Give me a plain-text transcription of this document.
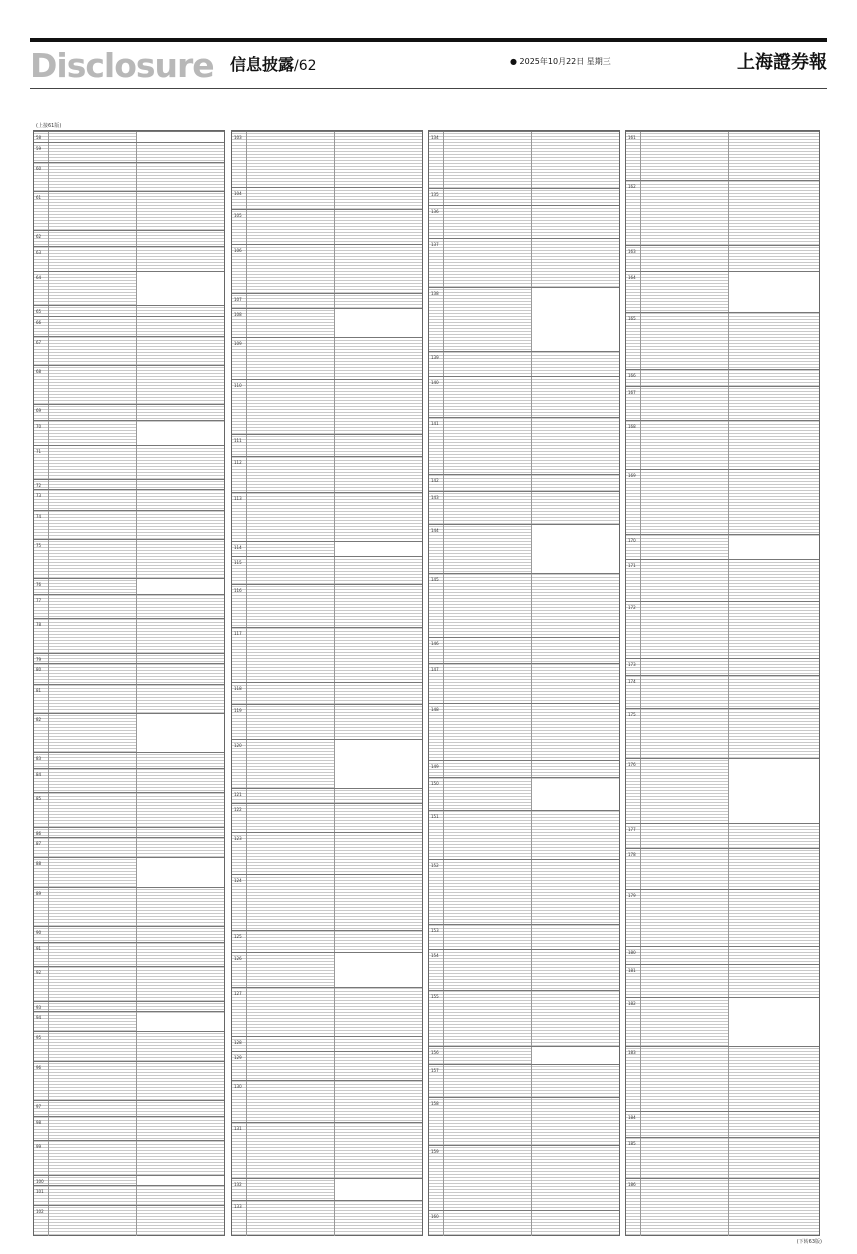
Disclosure 信息披露/62	● 2025年10月22日 星期三	上海證券報
(上接61版)
58
59
60
61
62
63
64
65
66
67
68
69
70
71
72
73
74
75
76
77
78
79
80
81
82
83
84
85
86
87
88
89
90
91
92
93
94
95
96
97
98
99
100
101
102
103
104
105
106
107
108
109
110
111
112
113
114
115
116
117
118
119
120
121
122
123
124
125
126
127
128
129
130
131
132
133
134
135
136
137
138
139
140
141
142
143
144
145
146
147
148
149
150
151
152
153
154
155
156
157
158
159
160
161
162
163
164
165
166
167
168
169
170
171
172
173
174
175
176
177
178
179
180
181
182
183
184
185
186
(下转63版)
